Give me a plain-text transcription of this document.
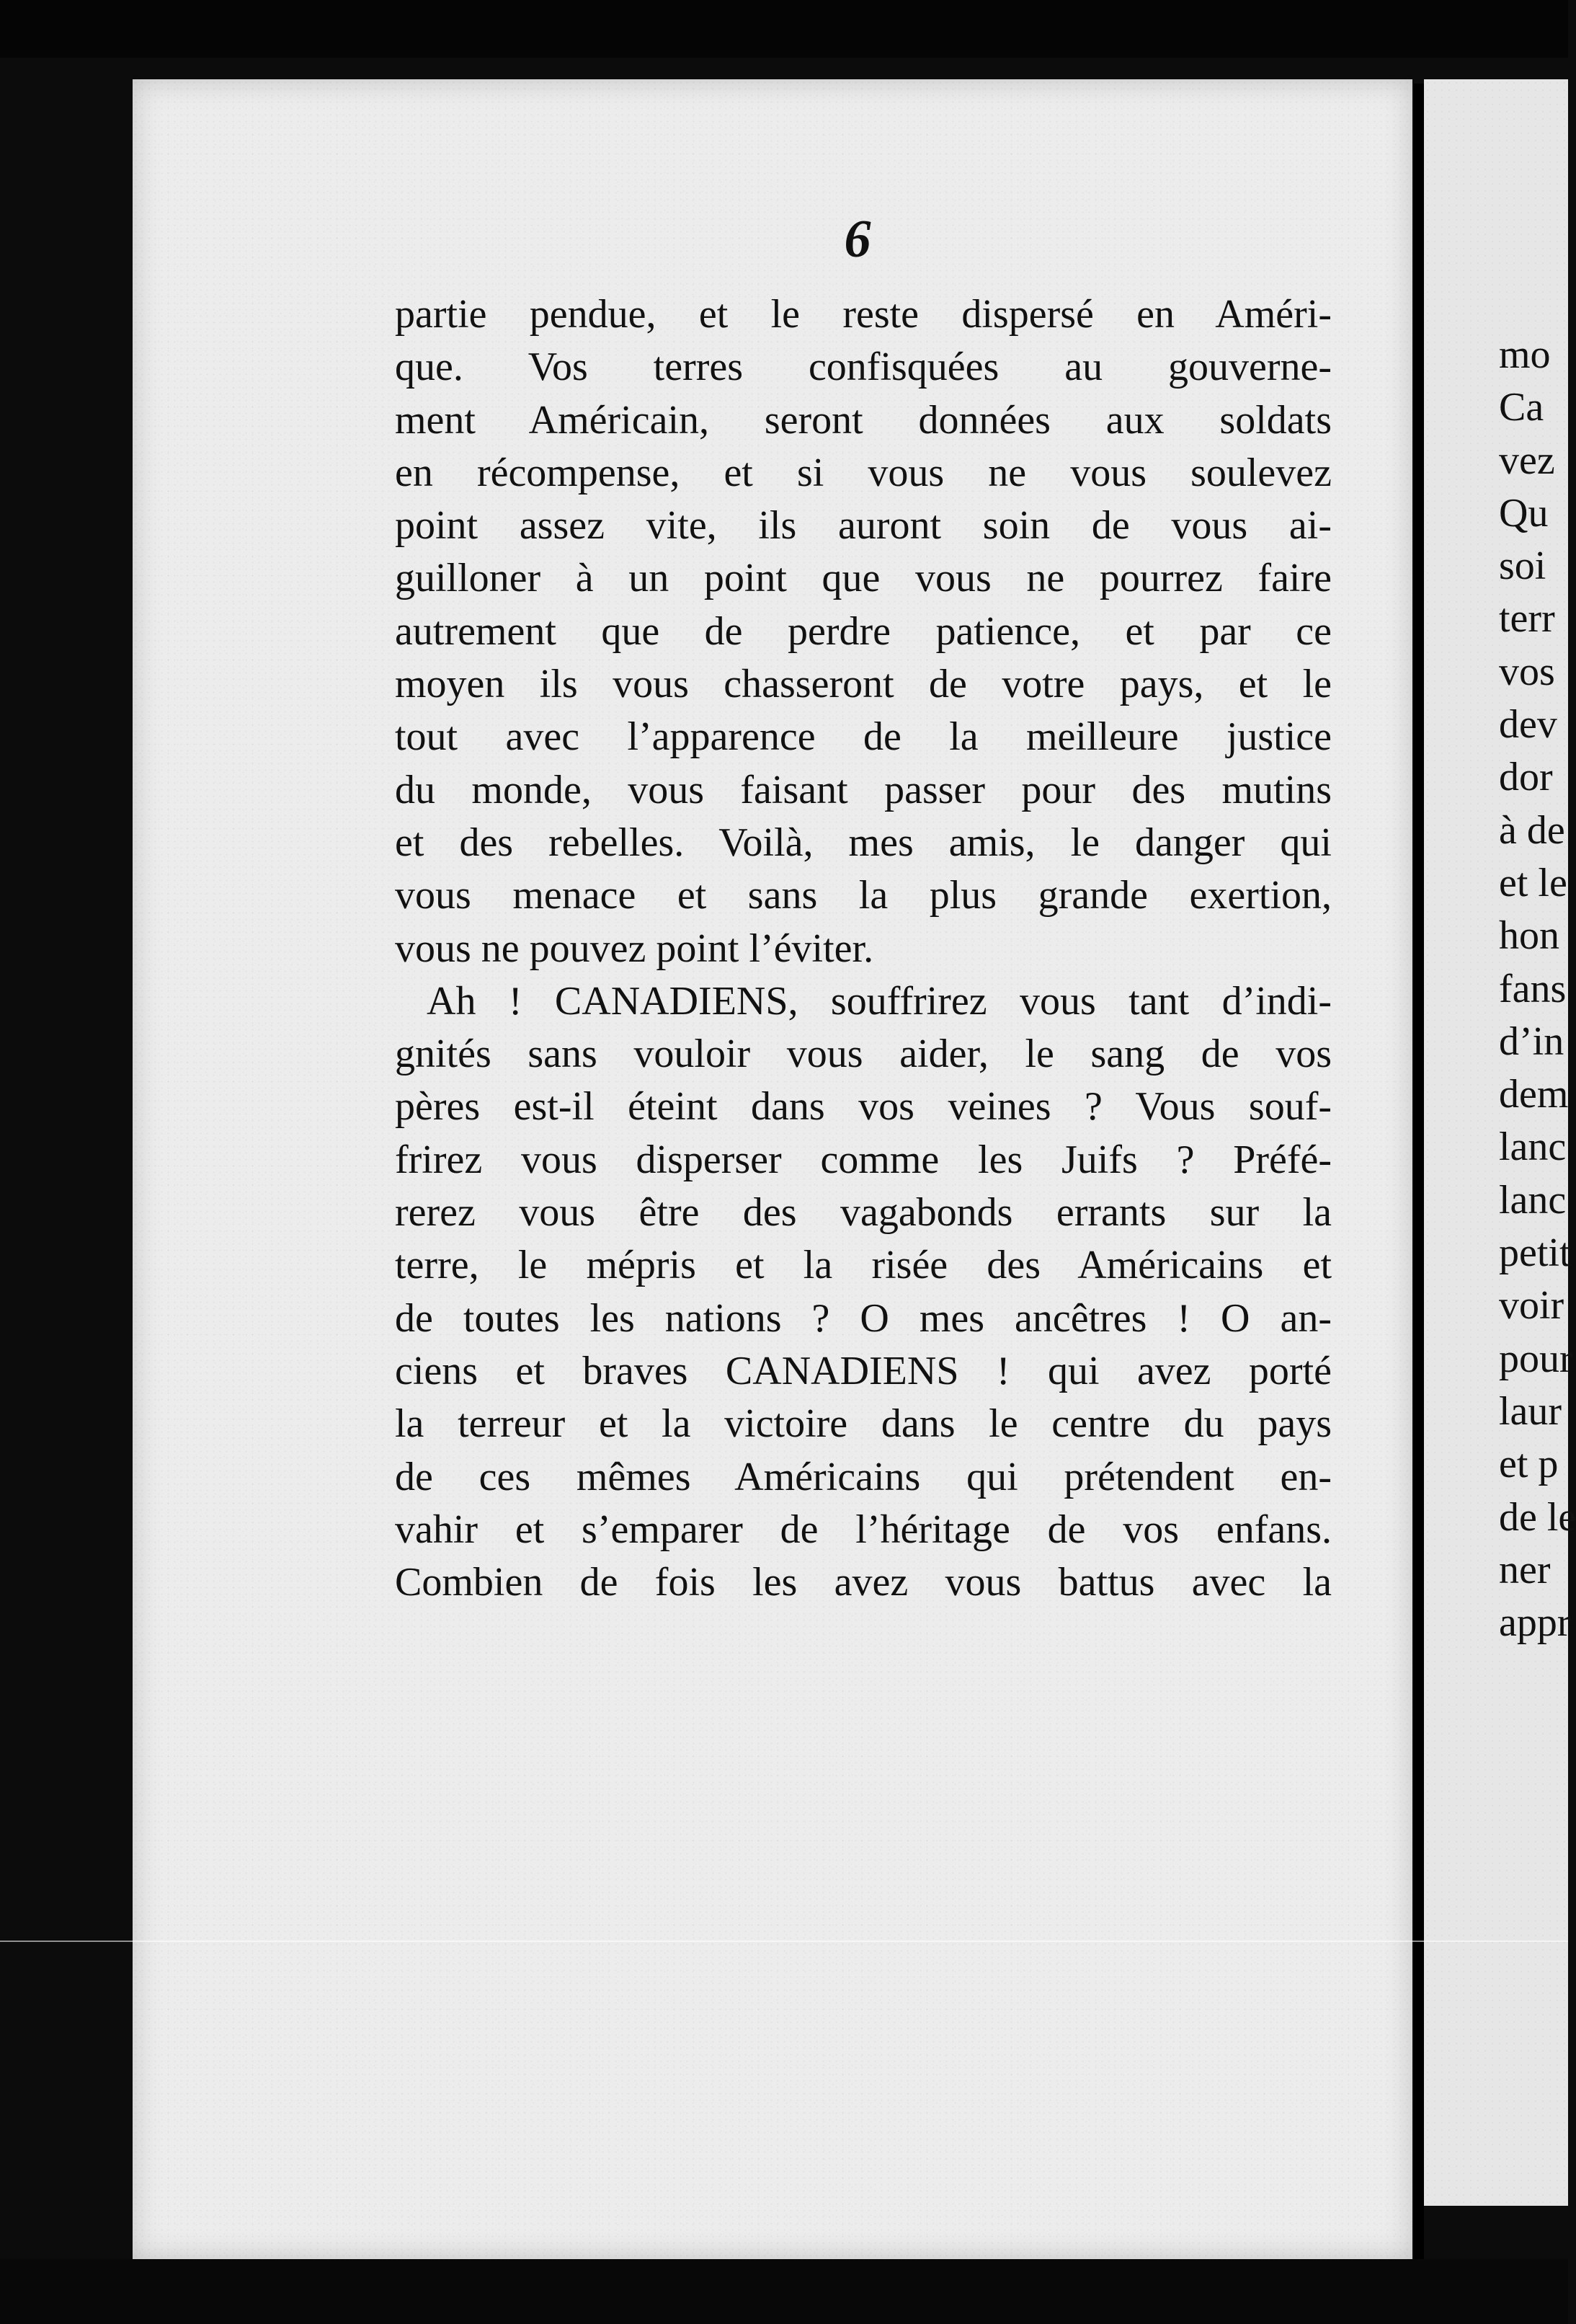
6
partie pendue, et le reste dispersé en Améri-
que. Vos terres confisquées au gouverne-
ment Américain, seront données aux soldats
en récompense, et si vous ne vous soulevez
point assez vite, ils auront soin de vous ai-
guilloner à un point que vous ne pourrez faire
autrement que de perdre patience, et par ce
moyen ils vous chasseront de votre pays, et le
tout avec l’apparence de la meilleure justice
du monde, vous faisant passer pour des mutins
et des rebelles. Voilà, mes amis, le danger qui
vous menace et sans la plus grande exertion,
vous ne pouvez point l’éviter.
Ah ! CANADIENS, souffrirez vous tant d’indi-
gnités sans vouloir vous aider, le sang de vos
pères est-il éteint dans vos veines ? Vous souf-
frirez vous disperser comme les Juifs ? Préfé-
rerez vous être des vagabonds errants sur la
terre, le mépris et la risée des Américains et
de toutes les nations ? O mes ancêtres ! O an-
ciens et braves CANADIENS ! qui avez porté
la terreur et la victoire dans le centre du pays
de ces mêmes Américains qui prétendent en-
vahir et s’emparer de l’héritage de vos enfans.
Combien de fois les avez vous battus avec la
mo
Ca
vez
Qu
soi
terr
vos
dev
dor
à de
et le
hon
fans
d’in
dem
lanc
lanc
petit
voir
pour
laur
et p
de le
ner
appr
